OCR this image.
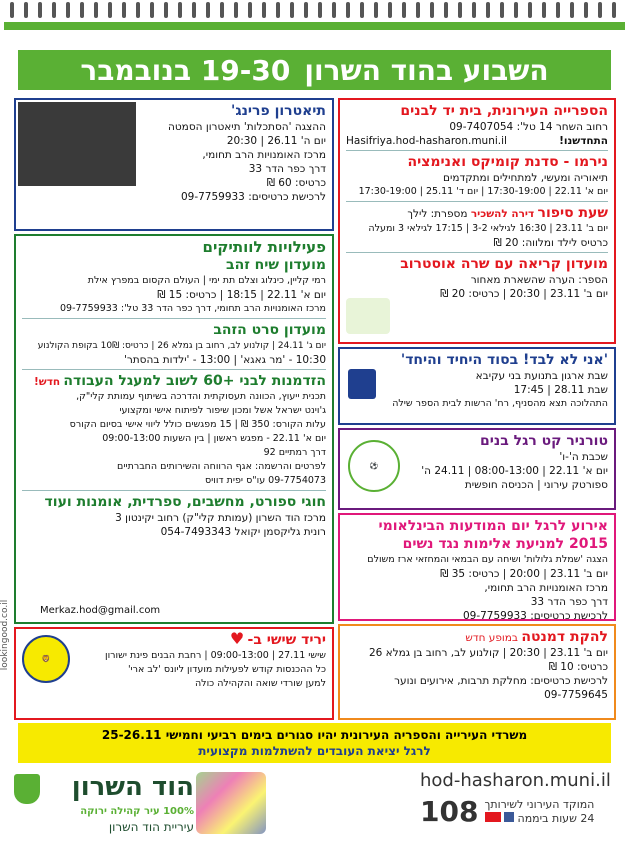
השבוע בהוד השרון
19-30 בנובמבר
הספרייה העירונית, בית יד לבנים
רחוב השחר 14 טל': 09-7407054
התחדשנו!
Hasifriya.hod-hasharon.muni.il
נירמו - סדנת קומיקס ואנימציה
תיאוריה ומעשי, למתחילים ומתקדמים
יום א' 22.11 | 17:30-19:00 | יום ד' 25.11 | 17:30-19:00
שעת סיפור דירה להשכיר מספרת: לילך
יום ב' 23.11 | 16:30 לגילאי 3-2 | 17:15 לגילאי 3 ומעלה
כרטיס לילד ומלווה: 20 ₪
מועדון קריאה עם שרה אוסטרוב
הספר: הערה שהשארת מאחור
יום ב' 23.11 | 20:30 | כרטיס: 20 ₪
'אני לא לבד! בסוד היחיד והיחד'
שבת ארגון בתנועת בני עקיבא
שבת 28.11 | 17:45
התהלוכה תצא מהסניף, רח' הרשות לבית הספר שילה
טורניר קט רגל בנים
שכבת ה'-ו'
יום א' 22.11 | 08:00-13:00 | 24.11 ה'
ספורטק עירוני | הכניסה חופשית
⚽
אירוע לרגל יום המודעות הבינלאומי
2015 למניעת אלימות נגד נשים
הצגה 'שמלת גלולות' ושיחה עם הבמאי והמחזאי ארז משולם
יום ב' 23.11 | 20:00 | כרטיס: 35 ₪
מרכז האומנויות הרב תחומי,
דרך כפר הדר 33
לרכישת כרטיסים: 09-7759933
להקת דמנטה במופע חדש
יום ב' 23.11 | 20:30 | קולנוע לב, רחוב בן גמלא 26
כרטיס: 10 ₪
לרכישת כרטיסים: מחלקת תרבות, אירועים ונוער
09-7759645
תיאטרון פרינג'
ההצגה 'הסתכלות' תיאטרון הסמטה
יום ה' 26.11 | 20:30
מרכז האומנויות הרב תחומי,
דרך כפר הדר 33
כרטיס: 60 ₪
לרכישת כרטיסים: 09-7759933
פעילויות לוותיקים
מועדון שיח זהב
רמי קליין, כינלוג וצלם תת ימי | העולם הקסום במפרץ אילת
יום א' 22.11 | 18:15 | כרטיס: 15 ₪
מרכז האומנויות הרב תחומי, דרך כפר הדר 33 טל': 09-7759933
מועדון סרט הזהב
יום ג' 24.11 | קולנוע לב, רחוב בן גמלא 26 | כרטיס: 10₪ בקופת הקולנוע
10:30 - 'מר גאגא' | 13:00 - 'ילדות בהסתר'
הזדמנות לבני +60 לשוב למעגל העבודה חדש!
תכנית ייעוץ, הכוונה תעסוקתית והדרכה בשיתוף עמותת קלי"ק,
ג'וינט ישראל אשל ומכון שיפור לפיתוח אישי ומקצועי
עלות הקורס: 350 ₪ | 15 מפגשים כולל ליווי אישי בסיום הקורס
יום א' 22.11 - מפגש ראשון | בין השעות 09:00-13:00
דרך רמתיים 92
לפרטים והרשמה: אגף הרווחה והשירותים החברתיים
09-7754073 עו"ס יפית דוויס
חוגי ספורט, מחשבים, ספרדית, אומנות ועוד
מרכז הוד השרון (עמותת קלי"ק) רחוב יקינטון 3
רונית גליקסמן יקואל 054-7493343
Merkaz.hod@gmail.com
יריד שישי ב- ♥
שישי 27.11 | 09:00-13:00 | רחבת הבנים פינת ישורון
כל ההכנסות קודש לפעילות מועדון ליונס 'לב ארי'
למען שורדי שואה והקהילה כולה
🦁
lookingood.co.il
משרדי העירייה והספריה העירונית יהיו סגורים בימים רביעי וחמישי 25-26.11
לרגל יציאת העובדים להשתלמות מקצועית
הוד השרון
100% עיר קהילה ירוקה
עיריית הוד השרון
hod-hasharon.muni.il
108 המוקד העירוני לשירותך
24 שעות ביממה
